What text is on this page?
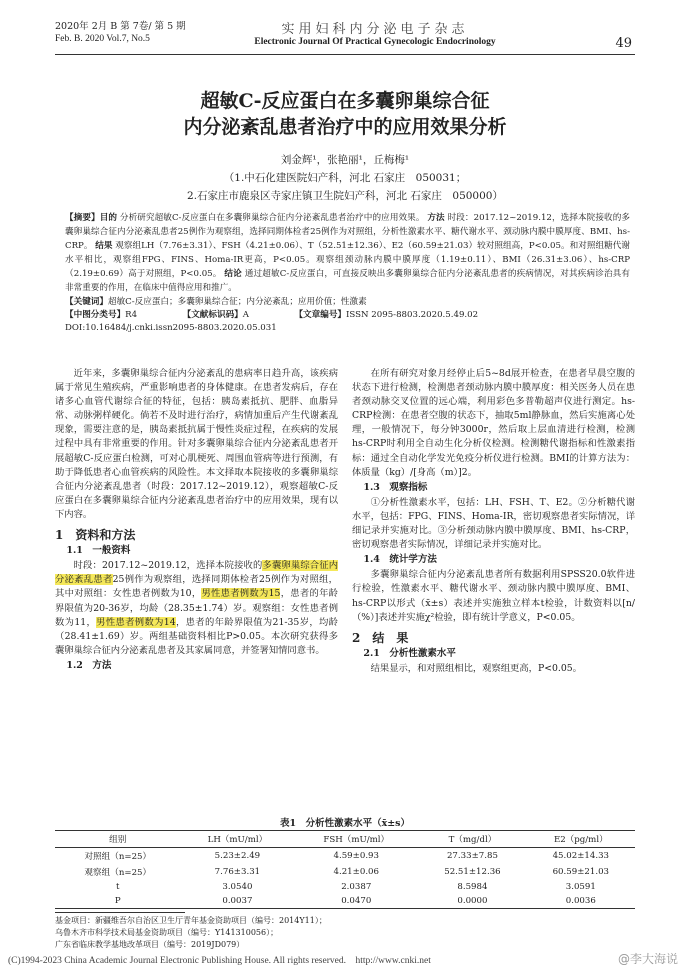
2020年 2月 B 第 7卷/ 第 5 期
Feb. B. 2020 Vol.7, No.5
实用妇科内分泌电子杂志
Electronic Journal Of Practical Gynecologic Endocrinology	49
超敏C-反应蛋白在多囊卵巢综合征
内分泌紊乱患者治疗中的应用效果分析
刘金辉¹，张艳丽¹，丘梅梅¹
（1.中石化建医院妇产科，河北 石家庄　050031；
2.石家庄市鹿泉区寺家庄镇卫生院妇产科，河北 石家庄　050000）
【摘要】目的 分析研究超敏C-反应蛋白在多囊卵巢综合征内分泌紊乱患者治疗中的应用效果。 方法 时段：2017.12~2019.12，选择本院接收的多囊卵巢综合征内分泌紊乱患者25例作为观察组，选择同期体检者25例作为对照组，分析性激素水平、糖代谢水平、颈动脉内膜中膜厚度、BMI、hs-CRP。 结果 观察组LH（7.76±3.31）、FSH（4.21±0.06）、T（52.51±12.36）、E2（60.59±21.03）较对照组高，P<0.05。和对照组糖代谢水平相比，观察组FPG、FINS、Homa-IR更高，P<0.05。观察组颈动脉内膜中膜厚度（1.19±0.11）、BMI（26.31±3.06）、hs-CRP（2.19±0.69）高于对照组，P<0.05。 结论 通过超敏C-反应蛋白，可直接反映出多囊卵巢综合征内分泌紊乱患者的疾病情况，对其疾病诊治具有非常重要的作用，在临床中值得应用和推广。
【关键词】超敏C-反应蛋白；多囊卵巢综合征；内分泌紊乱；应用价值；性激素
【中图分类号】R4	【文献标识码】A	【文章编号】ISSN 2095-8803.2020.5.49.02
DOI:10.16484/j.cnki.issn2095-8803.2020.05.031

近年来，多囊卵巢综合征内分泌紊乱的患病率日趋升高，该疾病属于常见生殖疾病，严重影响患者的身体健康。在患者发病后，存在诸多心血管代谢综合征的特征，包括：胰岛素抵抗、肥胖、血脂异常、动脉粥样硬化。倘若不及时进行治疗，病情加重后产生代谢紊乱现象，需要注意的是，胰岛素抵抗属于慢性炎症过程，在疾病的发展过程中具有非常重要的作用。针对多囊卵巢综合征内分泌紊乱患者开展超敏C-反应蛋白检测，可对心肌梗死、周围血管病等进行预测，有助于降低患者心血管疾病的风险性。本文择取本院接收的多囊卵巢综合征内分泌紊乱患者（时段：2017.12~2019.12），观察超敏C-反应蛋白在多囊卵巢综合征内分泌紊乱患者治疗中的应用效果，现有以下内容。

1　资料和方法
1.1　一般资料

时段：2017.12~2019.12，选择本院接收的多囊卵巢综合征内分泌紊乱患者25例作为观察组，选择同期体检者25例作为对照组，其中对照组：女性患者例数为10，男性患者例数为15，患者的年龄界限值为20-36岁，均龄（28.35±1.74）岁。观察组：女性患者例数为11，男性患者例数为14，患者的年龄界限值为21-35岁，均龄（28.41±1.69）岁。两组基础资料相比P>0.05。本次研究获得多囊卵巢综合征内分泌紊乱患者及其家属同意，并签署知情同意书。

1.2　方法

在所有研究对象月经停止后5~8d展开检查，在患者早晨空腹的状态下进行检测，检测患者颈动脉内膜中膜厚度：相关医务人员在患者颈动脉交叉位置的远心端，利用彩色多普勒超声仪进行测定。hs-CRP检测：在患者空腹的状态下，抽取5ml静脉血，然后实施离心处理，一般情况下，每分钟3000r，然后取上层血清进行检测，检测hs-CRP时利用全自动生化分析仪检测。检测糖代谢指标和性激素指标：通过全自动化学发光免疫分析仪进行检测。BMI的计算方法为：体质量（kg）/[身高（m）]2。

1.3　观察指标

①分析性激素水平，包括：LH、FSH、T、E2。②分析糖代谢水平，包括：FPG、FINS、Homa-IR，密切观察患者实际情况，详细记录并实施对比。③分析颈动脉内膜中膜厚度、BMI、hs-CRP，密切观察患者实际情况，详细记录并实施对比。

1.4　统计学方法

多囊卵巢综合征内分泌紊乱患者所有数据利用SPSS20.0软件进行检验，性激素水平、糖代谢水平、颈动脉内膜中膜厚度、BMI、hs-CRP以形式（x̄±s）表述并实施独立样本t检验，计数资料以[n/（%）]表述并实施χ²检验，即有统计学意义，P<0.05。

2　结　果
2.1　分析性激素水平

结果显示，和对照组相比，观察组更高，P<0.05。

表1　分析性激素水平（x̄±s）
组别	LH（mU/ml）	FSH（mU/ml）	T（mg/dl）	E2（pg/ml）
对照组（n=25）	5.23±2.49	4.59±0.93	27.33±7.85	45.02±14.33
观察组（n=25）	7.76±3.31	4.21±0.06	52.51±12.36	60.59±21.03
t	3.0540	2.0387	8.5984	3.0591
P	0.0037	0.0470	0.0000	0.0036
基金项目：新疆维吾尔自治区卫生厅青年基金资助项目（编号：2014Y11）；
乌鲁木齐市科学技术局基金资助项目（编号：Y141310056）；
广东省临床教学基地改革项目（编号：2019JD079）
(C)1994-2023 China Academic Journal Electronic Publishing House. All rights reserved.　http://www.cnki.net	@李大海说
